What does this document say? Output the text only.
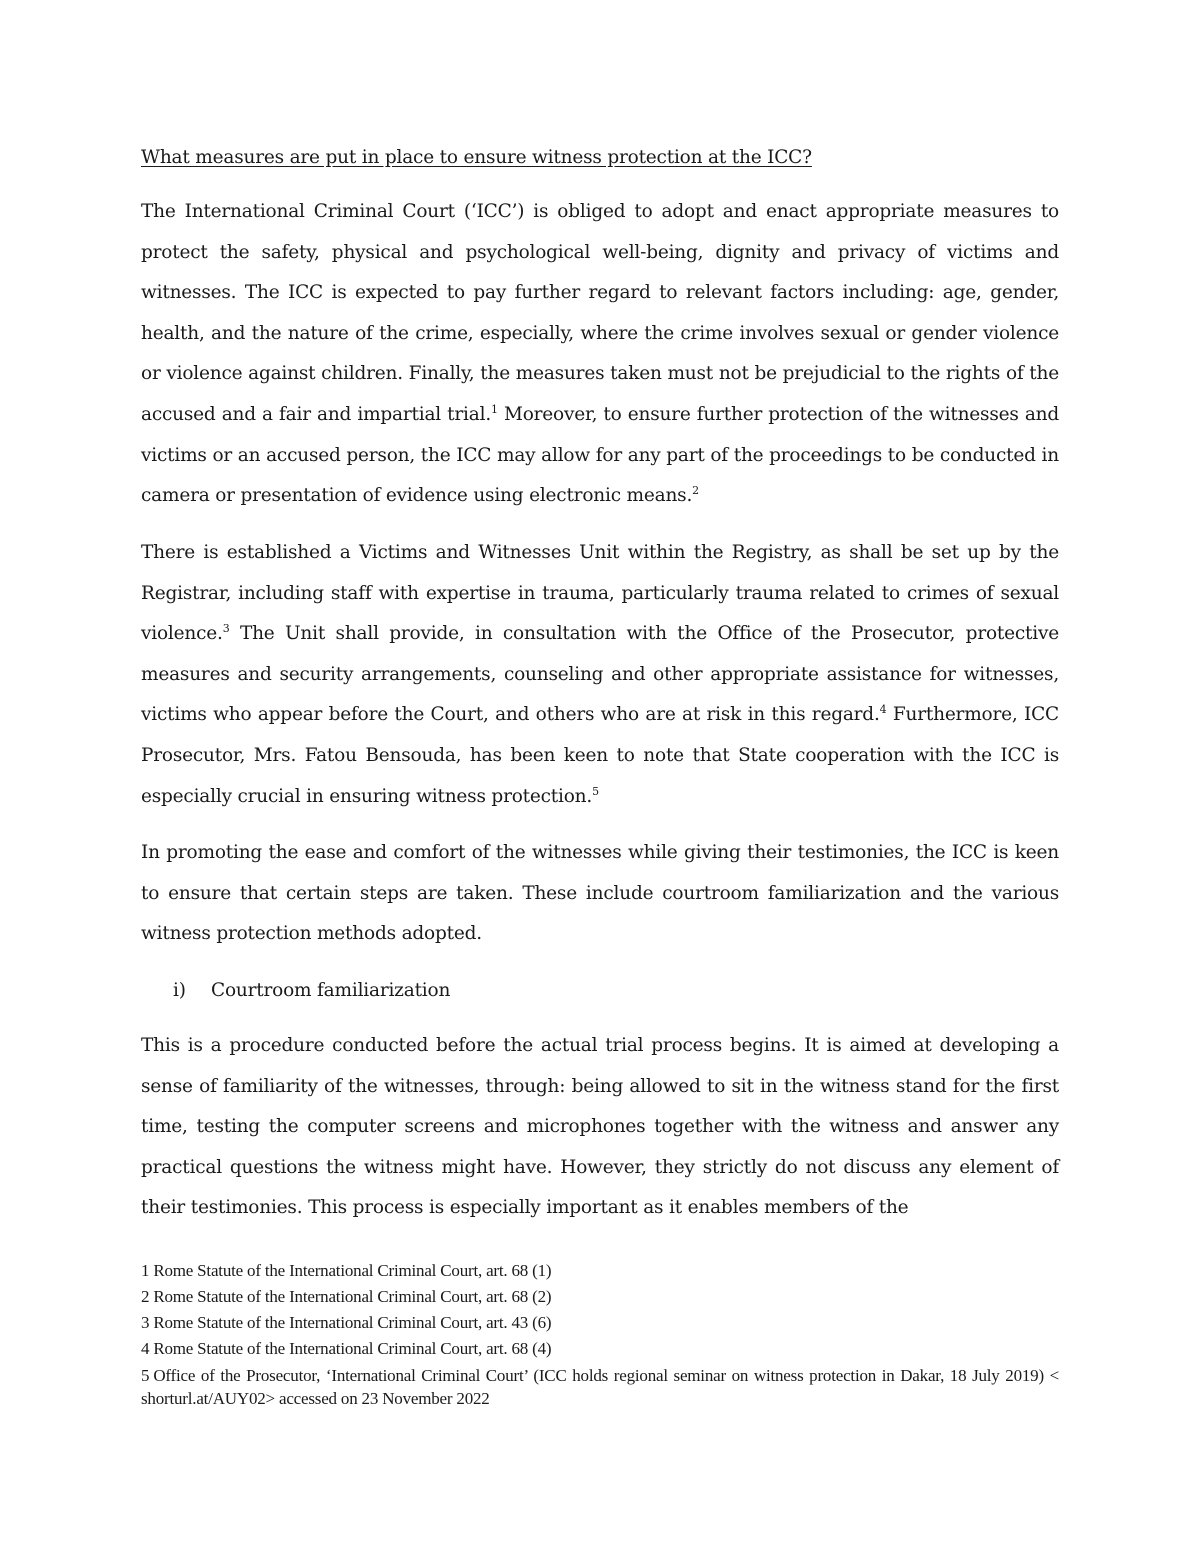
What measures are put in place to ensure witness protection at the ICC?

The International Criminal Court (‘ICC’) is obliged to adopt and enact appropriate measures to protect the safety, physical and psychological well-being, dignity and privacy of victims and witnesses. The ICC is expected to pay further regard to relevant factors including: age, gender, health, and the nature of the crime, especially, where the crime involves sexual or gender violence or violence against children. Finally, the measures taken must not be prejudicial to the rights of the accused and a fair and impartial trial.$^1$ Moreover, to ensure further protection of the witnesses and victims or an accused person, the ICC may allow for any part of the proceedings to be conducted in camera or presentation of evidence using electronic means.$^2$

There is established a Victims and Witnesses Unit within the Registry, as shall be set up by the Registrar, including staff with expertise in trauma, particularly trauma related to crimes of sexual violence.$^3$ The Unit shall provide, in consultation with the Office of the Prosecutor, protective measures and security arrangements, counseling and other appropriate assistance for witnesses, victims who appear before the Court, and others who are at risk in this regard.$^4$ Furthermore, ICC Prosecutor, Mrs. Fatou Bensouda, has been keen to note that State cooperation with the ICC is especially crucial in ensuring witness protection.$^5$

In promoting the ease and comfort of the witnesses while giving their testimonies, the ICC is keen to ensure that certain steps are taken. These include courtroom familiarization and the various witness protection methods adopted.

i) Courtroom familiarization

This is a procedure conducted before the actual trial process begins. It is aimed at developing a sense of familiarity of the witnesses, through: being allowed to sit in the witness stand for the first time, testing the computer screens and microphones together with the witness and answer any practical questions the witness might have. However, they strictly do not discuss any element of their testimonies. This process is especially important as it enables members of the

1 Rome Statute of the International Criminal Court, art. 68 (1)

2 Rome Statute of the International Criminal Court, art. 68 (2)

3 Rome Statute of the International Criminal Court, art. 43 (6)

4 Rome Statute of the International Criminal Court, art. 68 (4)

5 Office of the Prosecutor, ‘International Criminal Court’ (ICC holds regional seminar on witness protection in Dakar, 18 July 2019) < shorturl.at/AUY02> accessed on 23 November 2022
